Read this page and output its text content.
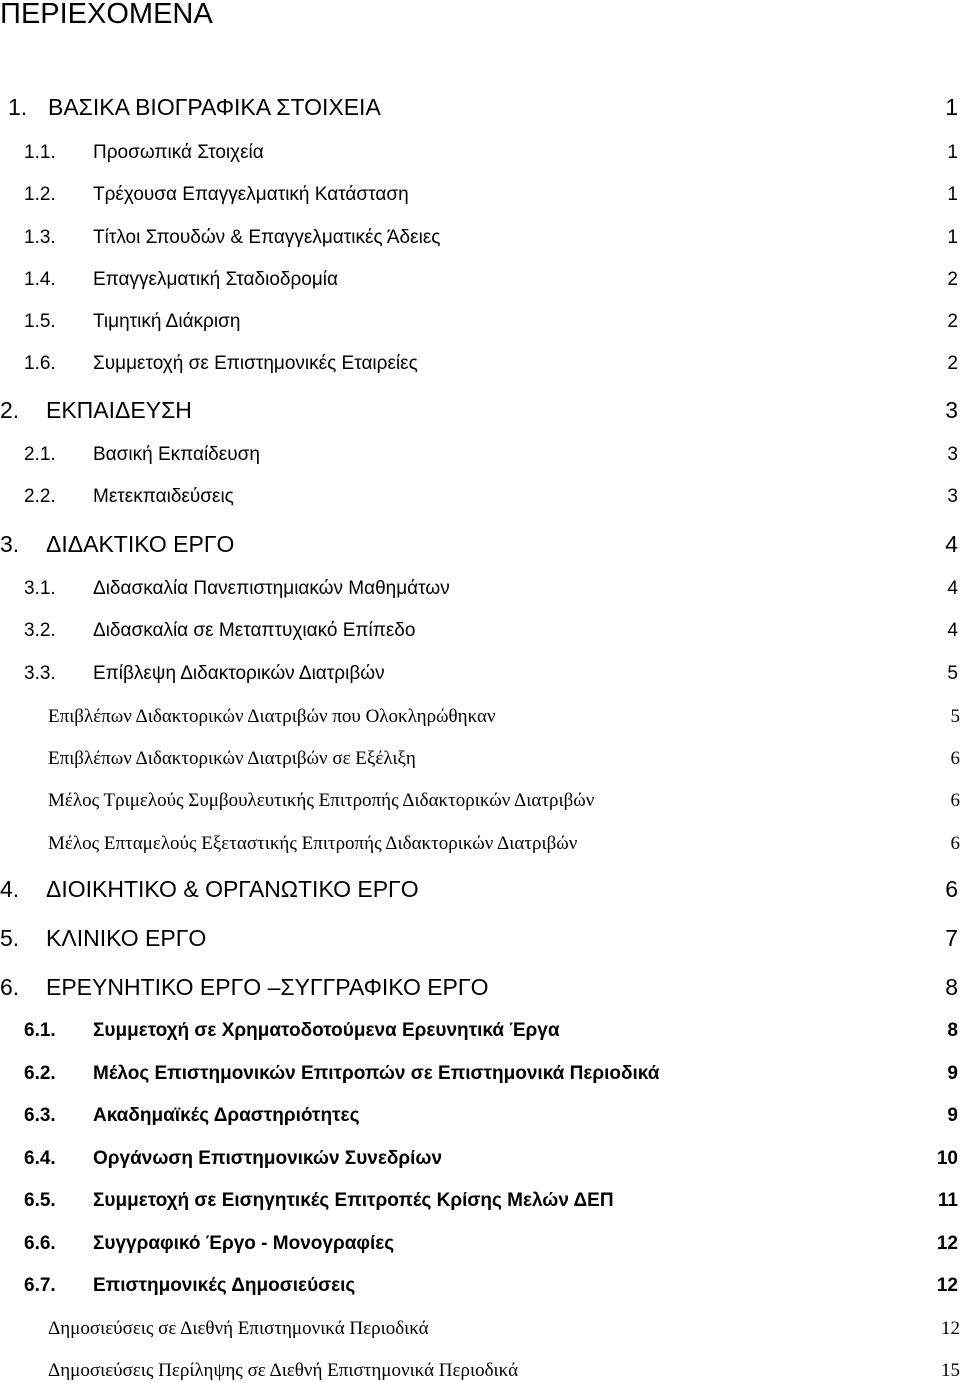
ΠΕΡΙΕΧΟΜΕΝΑ
1. ΒΑΣΙΚΑ ΒΙΟΓΡΑΦΙΚΑ ΣΤΟΙΧΕΙΑ	1
1.1. Προσωπικά Στοιχεία	1
1.2. Τρέχουσα Επαγγελματική Κατάσταση	1
1.3. Τίτλοι Σπουδών & Επαγγελματικές Άδειες	1
1.4. Επαγγελματική Σταδιοδρομία	2
1.5. Τιμητική Διάκριση	2
1.6. Συμμετοχή σε Επιστημονικές Εταιρείες	2
2. ΕΚΠΑΙΔΕΥΣΗ	3
2.1. Βασική Εκπαίδευση	3
2.2. Μετεκπαιδεύσεις	3
3. ΔΙΔΑΚΤΙΚΟ ΕΡΓΟ	4
3.1. Διδασκαλία Πανεπιστημιακών Μαθημάτων	4
3.2. Διδασκαλία σε Μεταπτυχιακό Επίπεδο	4
3.3. Επίβλεψη Διδακτορικών Διατριβών	5
Επιβλέπων Διδακτορικών Διατριβών που Ολοκληρώθηκαν	5
Επιβλέπων Διδακτορικών Διατριβών σε Εξέλιξη	6
Μέλος Τριμελούς Συμβουλευτικής Επιτροπής Διδακτορικών Διατριβών	6
Μέλος Επταμελούς Εξεταστικής Επιτροπής Διδακτορικών Διατριβών	6
4. ΔΙΟΙΚΗΤΙΚΟ & ΟΡΓΑΝΩΤΙΚΟ ΕΡΓΟ	6
5. ΚΛΙΝΙΚΟ ΕΡΓΟ	7
6. ΕΡΕΥΝΗΤΙΚΟ ΕΡΓΟ –ΣΥΓΓΡΑΦΙΚΟ ΕΡΓΟ	8
6.1. Συμμετοχή σε Χρηματοδοτούμενα Ερευνητικά Έργα	8
6.2. Μέλος Επιστημονικών Επιτροπών σε Επιστημονικά Περιοδικά	9
6.3. Ακαδημαϊκές Δραστηριότητες	9
6.4. Οργάνωση Επιστημονικών Συνεδρίων	10
6.5. Συμμετοχή σε Εισηγητικές Επιτροπές Κρίσης Μελών ΔΕΠ	11
6.6. Συγγραφικό Έργο - Μονογραφίες	12
6.7. Επιστημονικές Δημοσιεύσεις	12
Δημοσιεύσεις σε Διεθνή Επιστημονικά Περιοδικά	12
Δημοσιεύσεις Περίληψης σε Διεθνή Επιστημονικά Περιοδικά	15
